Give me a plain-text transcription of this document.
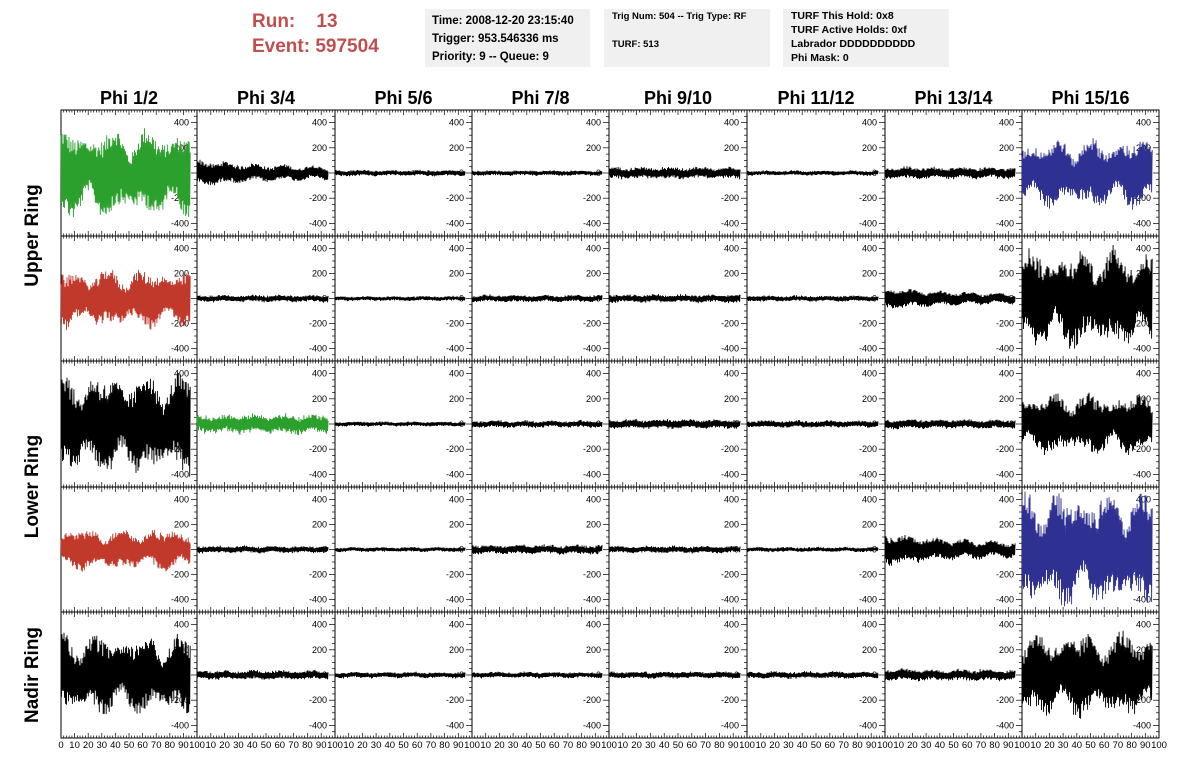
Run: 13
Event: 597504
Time: 2008-12-20 23:15:40
Trigger: 953.546336 ms
Priority: 9 -- Queue: 9
Trig Num: 504 -- Trig Type: RF
TURF: 513
TURF This Hold: 0x8
TURF Active Holds: 0xf
Labrador DDDDDDDDDD
Phi Mask: 0
Phi 1/2	Phi 3/4	Phi 5/6	Phi 7/8	Phi 9/10	Phi 11/12	Phi 13/14	Phi 15/16
Upper Ring
Lower Ring
Nadir Ring
-400
-200
0
200
400
-400
-200
0
200
400
-400
-200
0
200
400
-400
-200
0
200
400
-400
-200
0
200
400
-400
-200
0
200
400
-400
-200
0
200
400
-400
-200
0
200
400
-400
-200
0
200
400
-400
-200
0
200
400
-400
-200
0
200
400
-400
-200
0
200
400
-400
-200
0
200
400
-400
-200
0
200
400
-400
-200
0
200
400
-400
-200
0
200
400
-400
-200
0
200
400
-400
-200
0
200
400
-400
-200
0
200
400
-400
-200
0
200
400
-400
-200
0
200
400
-400
-200
0
200
400
-400
-200
0
200
400
-400
-200
0
200
400
-400
-200
0
200
400
-400
-200
0
200
400
-400
-200
0
200
400
-400
-200
0
200
400
-400
-200
0
200
400
-400
-200
0
200
400
-400
-200
0
200
400
-400
-200
0
200
400
-400
-200
0
200
400
-400
-200
0
200
400
-400
-200
0
200
400
-400
-200
0
200
400
-400
-200
0
200
400
-400
-200
0
200
400
-400
-200
0
200
400
-400
-200
0
200
400
0 10 20 30 40 50 60 70 80 90 100 10 20 30 40 50 60 70 80 90 100 10 20 30 40 50 60 70 80 90 100 10 20 30 40 50 60 70 80 90 100 10 20 30 40 50 60 70 80 90 100 10 20 30 40 50 60 70 80 90 100 10 20 30 40 50 60 70 80 90 100 10 20 30 40 50 60 70 80 90 100
